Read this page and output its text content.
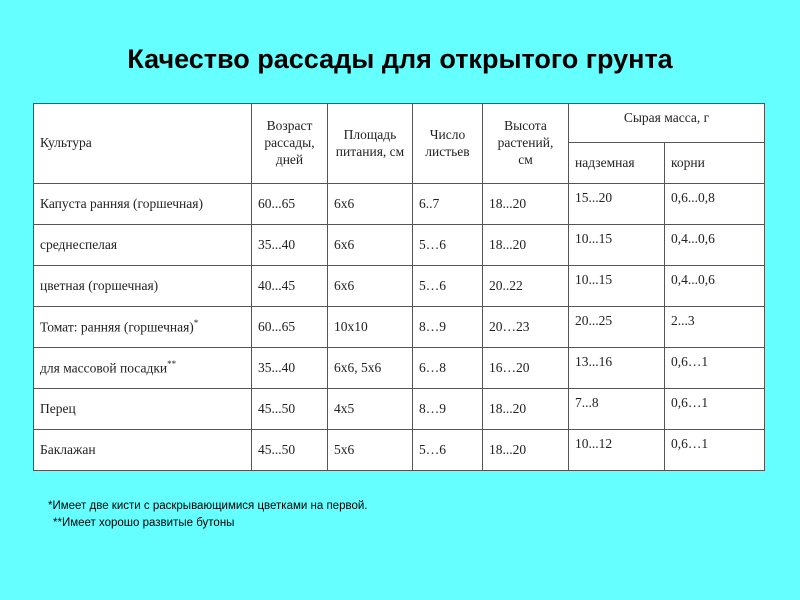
Качество рассады для открытого грунта
Культура	Возраст рассады, дней	Площадь питания, см	Число листьев	Высота растений, см	Сырая масса, г	
					надземная	корни
Капуста ранняя (горшечная)	60...65	6х6	6..7	18...20	15...20	0,6...0,8
среднеспелая	35...40	6х6	5…6	18...20	10...15	0,4...0,6
цветная (горшечная)	40...45	6х6	5…6	20..22	10...15	0,4...0,6
Томат: ранняя (горшечная)*	60...65	10х10	8…9	20…23	20...25	2...3
для массовой посадки**	35...40	6х6, 5х6	6…8	16…20	13...16	0,6…1
Перец	45...50	4х5	8…9	18...20	7...8	0,6…1
Баклажан	45...50	5х6	5…6	18...20	10...12	0,6…1
*Имеет две кисти с раскрывающимися цветками на первой.
**Имеет хорошо развитые бутоны
